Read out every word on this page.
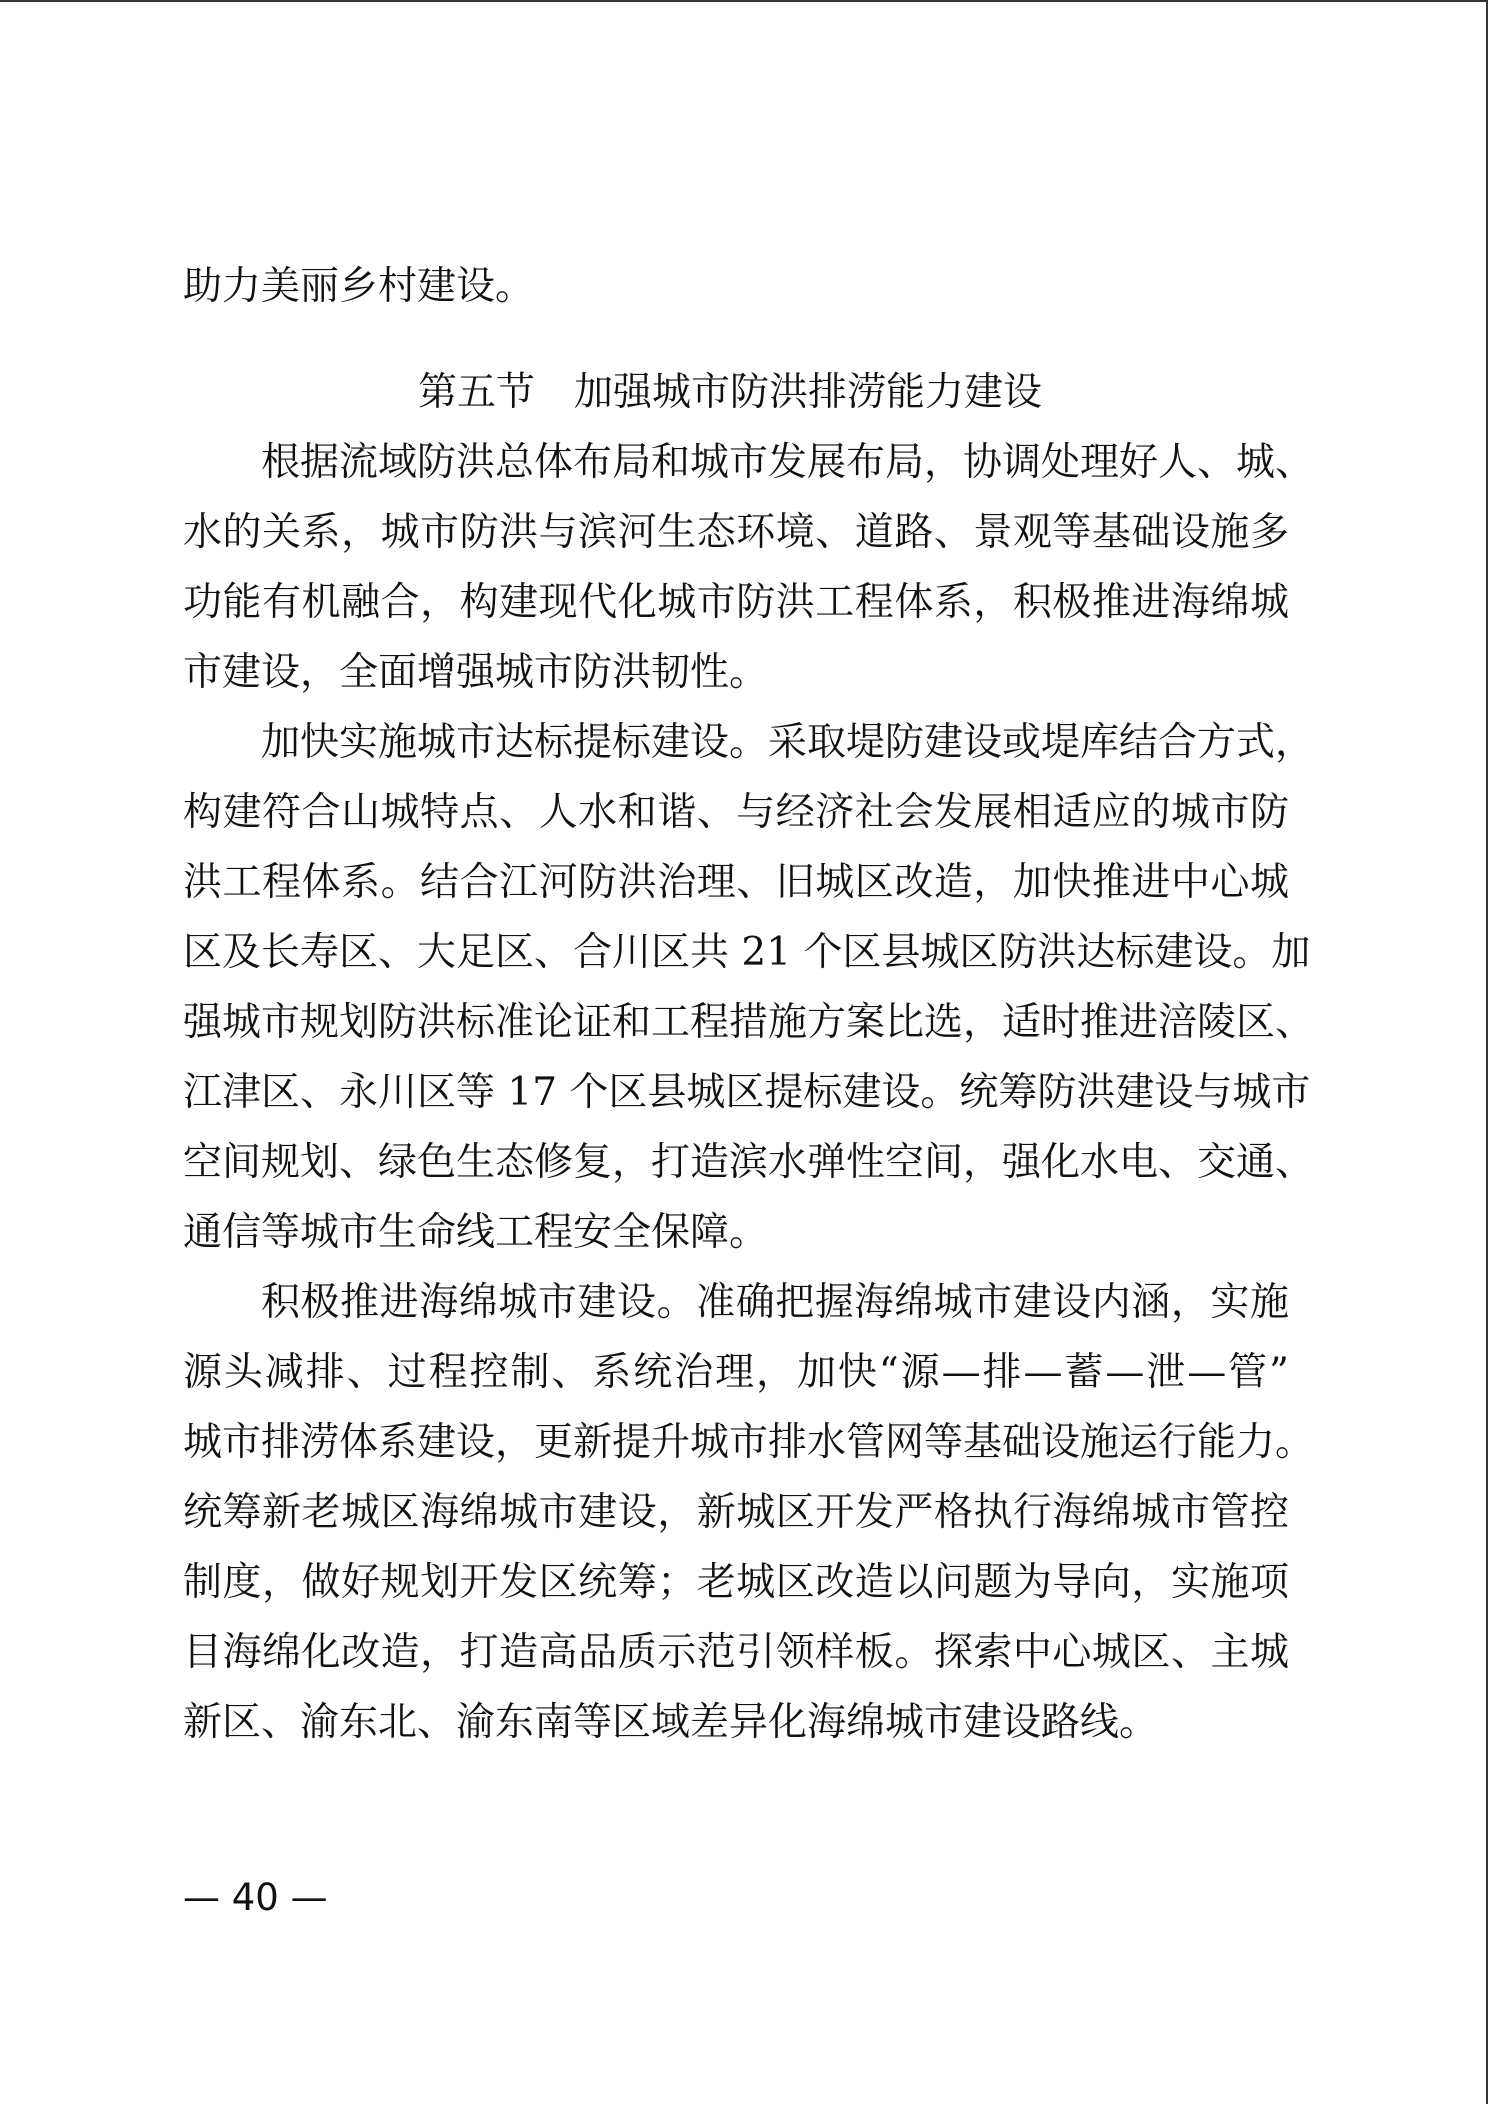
助力美丽乡村建设。
第五节　加强城市防洪排涝能力建设
根据流域防洪总体布局和城市发展布局，协调处理好人、城、
水的关系，城市防洪与滨河生态环境、道路、景观等基础设施多
功能有机融合，构建现代化城市防洪工程体系，积极推进海绵城
市建设，全面增强城市防洪韧性。
加快实施城市达标提标建设。采取堤防建设或堤库结合方式，
构建符合山城特点、人水和谐、与经济社会发展相适应的城市防
洪工程体系。结合江河防洪治理、旧城区改造，加快推进中心城
区及长寿区、大足区、合川区共 21 个区县城区防洪达标建设。加
强城市规划防洪标准论证和工程措施方案比选，适时推进涪陵区、
江津区、永川区等 17 个区县城区提标建设。统筹防洪建设与城市
空间规划、绿色生态修复，打造滨水弹性空间，强化水电、交通、
通信等城市生命线工程安全保障。
积极推进海绵城市建设。准确把握海绵城市建设内涵，实施
源头减排、过程控制、系统治理，加快“源—排—蓄—泄—管”
城市排涝体系建设，更新提升城市排水管网等基础设施运行能力。
统筹新老城区海绵城市建设，新城区开发严格执行海绵城市管控
制度，做好规划开发区统筹；老城区改造以问题为导向，实施项
目海绵化改造，打造高品质示范引领样板。探索中心城区、主城
新区、渝东北、渝东南等区域差异化海绵城市建设路线。
— 40 —
